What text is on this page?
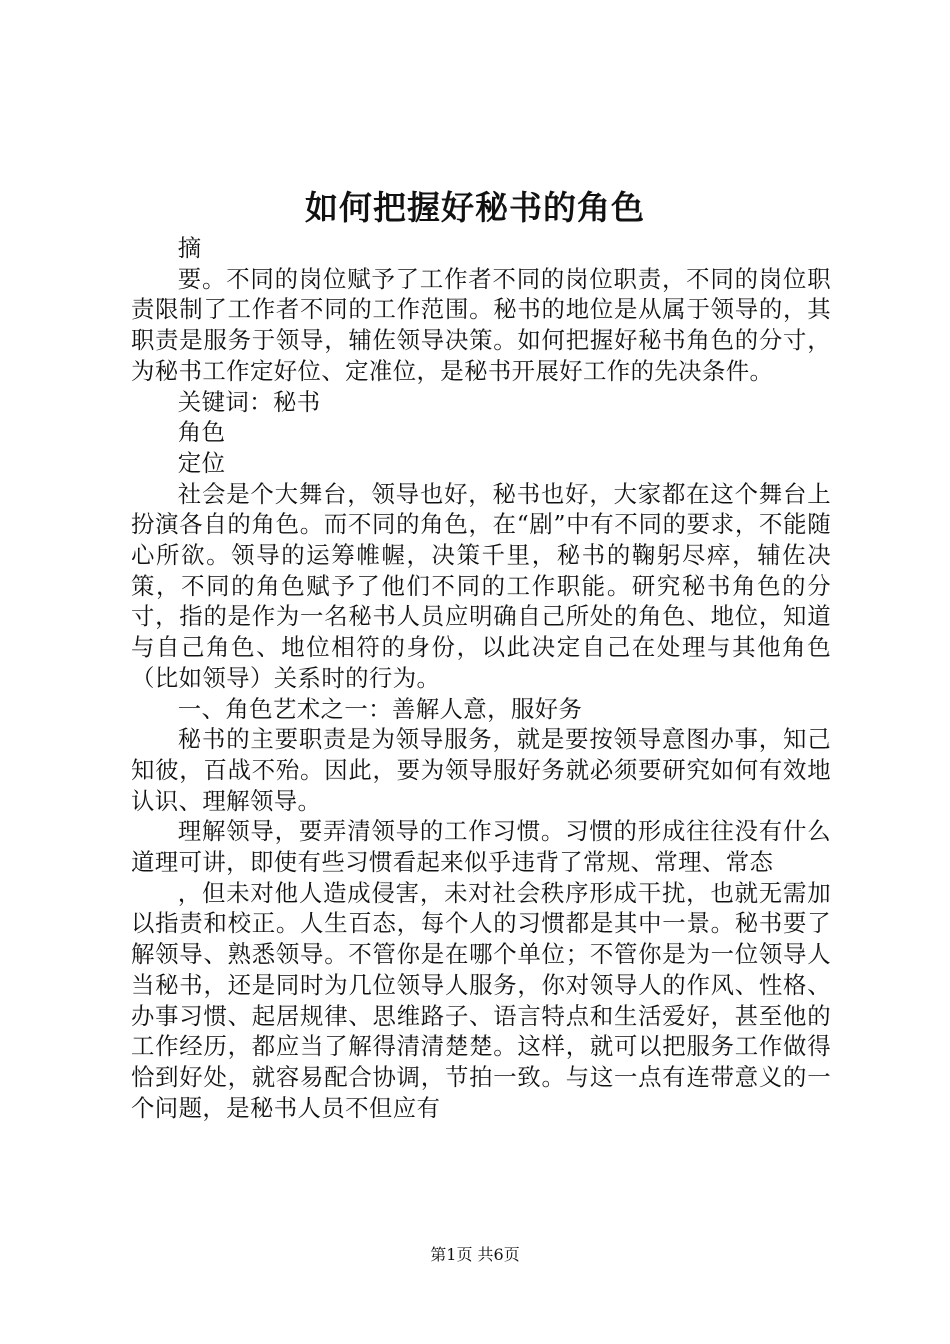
如何把握好秘书的角色

摘

要。不同的岗位赋予了工作者不同的岗位职责，不同的岗位职责限制了工作者不同的工作范围。秘书的地位是从属于领导的，其职责是服务于领导，辅佐领导决策。如何把握好秘书角色的分寸，为秘书工作定好位、定准位，是秘书开展好工作的先决条件。

关键词：秘书

角色

定位

社会是个大舞台，领导也好，秘书也好，大家都在这个舞台上扮演各自的角色。而不同的角色，在“剧”中有不同的要求，不能随心所欲。领导的运筹帷幄，决策千里，秘书的鞠躬尽瘁，辅佐决策，不同的角色赋予了他们不同的工作职能。研究秘书角色的分寸，指的是作为一名秘书人员应明确自己所处的角色、地位，知道与自己角色、地位相符的身份，以此决定自己在处理与其他角色（比如领导）关系时的行为。

一、角色艺术之一：善解人意，服好务

秘书的主要职责是为领导服务，就是要按领导意图办事，知己知彼，百战不殆。因此，要为领导服好务就必须要研究如何有效地认识、理解领导。

理解领导，要弄清领导的工作习惯。习惯的形成往往没有什么道理可讲，即使有些习惯看起来似乎违背了常规、常理、常态

，但未对他人造成侵害，未对社会秩序形成干扰，也就无需加以指责和校正。人生百态，每个人的习惯都是其中一景。秘书要了解领导、熟悉领导。不管你是在哪个单位；不管你是为一位领导人当秘书，还是同时为几位领导人服务，你对领导人的作风、性格、办事习惯、起居规律、思维路子、语言特点和生活爱好，甚至他的工作经历，都应当了解得清清楚楚。这样，就可以把服务工作做得恰到好处，就容易配合协调，节拍一致。与这一点有连带意义的一个问题，是秘书人员不但应有

第1页 共6页
